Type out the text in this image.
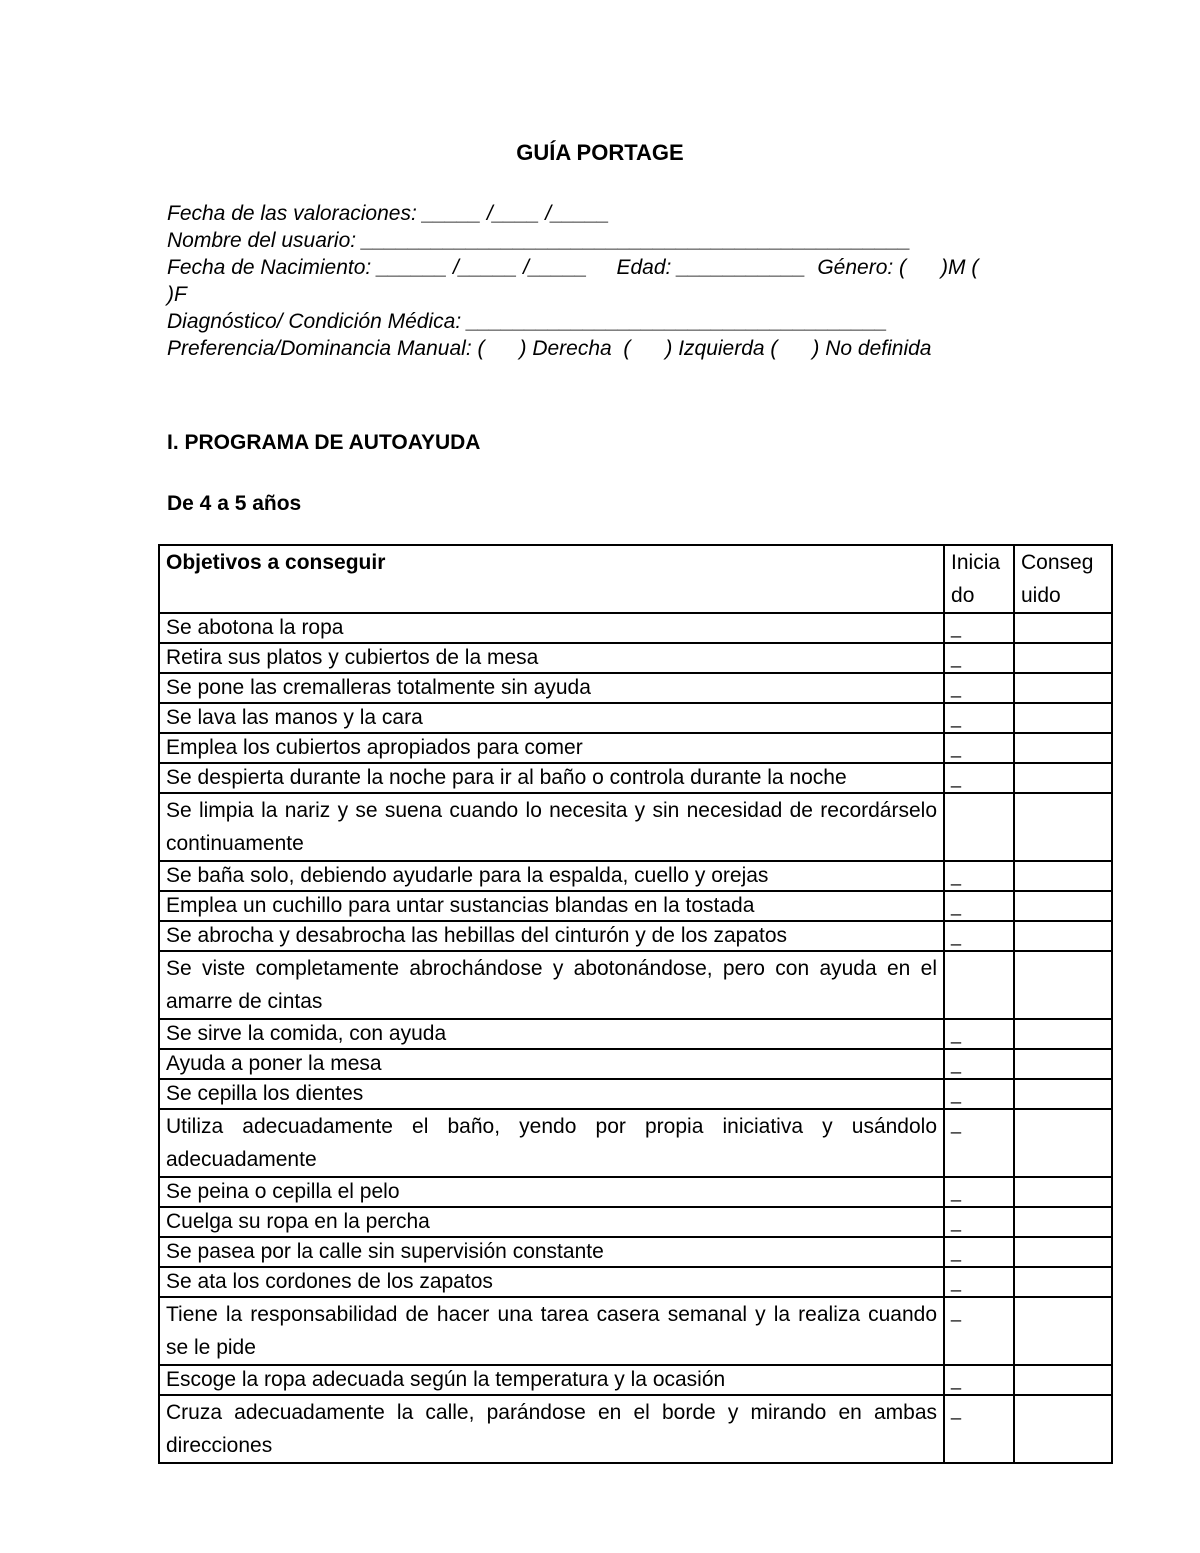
GUÍA PORTAGE
Fecha de las valoraciones: _____ /____ /_____
Nombre del usuario: _______________________________________________
Fecha de Nacimiento: ______ /_____ /_____     Edad: ___________  Género: (      )M (
)F
Diagnóstico/ Condición Médica: ____________________________________
Preferencia/Dominancia Manual: (      ) Derecha  (      ) Izquierda (      ) No definida
I. PROGRAMA DE AUTOAYUDA
De 4 a 5 años
Objetivos a conseguir	Inicia do	Conseg uido
Se abotona la ropa	_	
Retira sus platos y cubiertos de la mesa	_	
Se pone las cremalleras totalmente sin ayuda	_	
Se lava las manos y la cara	_	
Emplea los cubiertos apropiados para comer	_	
Se despierta durante la noche para ir al baño o controla durante la noche	_	
Se limpia la nariz y se suena cuando lo necesita y sin necesidad de recordárselo continuamente		
Se baña solo, debiendo ayudarle para la espalda, cuello y orejas	_	
Emplea un cuchillo para untar sustancias blandas en la tostada	_	
Se abrocha y desabrocha las hebillas del cinturón y de los zapatos	_	
Se viste completamente abrochándose y abotonándose, pero con ayuda en el amarre de cintas		
Se sirve la comida, con ayuda	_	
Ayuda a poner la mesa	_	
Se cepilla los dientes	_	
Utiliza adecuadamente el baño, yendo por propia iniciativa y usándolo adecuadamente	_	
Se peina o cepilla el pelo	_	
Cuelga su ropa en la percha	_	
Se pasea por la calle sin supervisión constante	_	
Se ata los cordones de los zapatos	_	
Tiene la responsabilidad de hacer una tarea casera semanal y la realiza cuando se le pide	_	
Escoge la ropa adecuada según la temperatura y la ocasión	_	
Cruza adecuadamente la calle, parándose en el borde y mirando en ambas direcciones	_	
